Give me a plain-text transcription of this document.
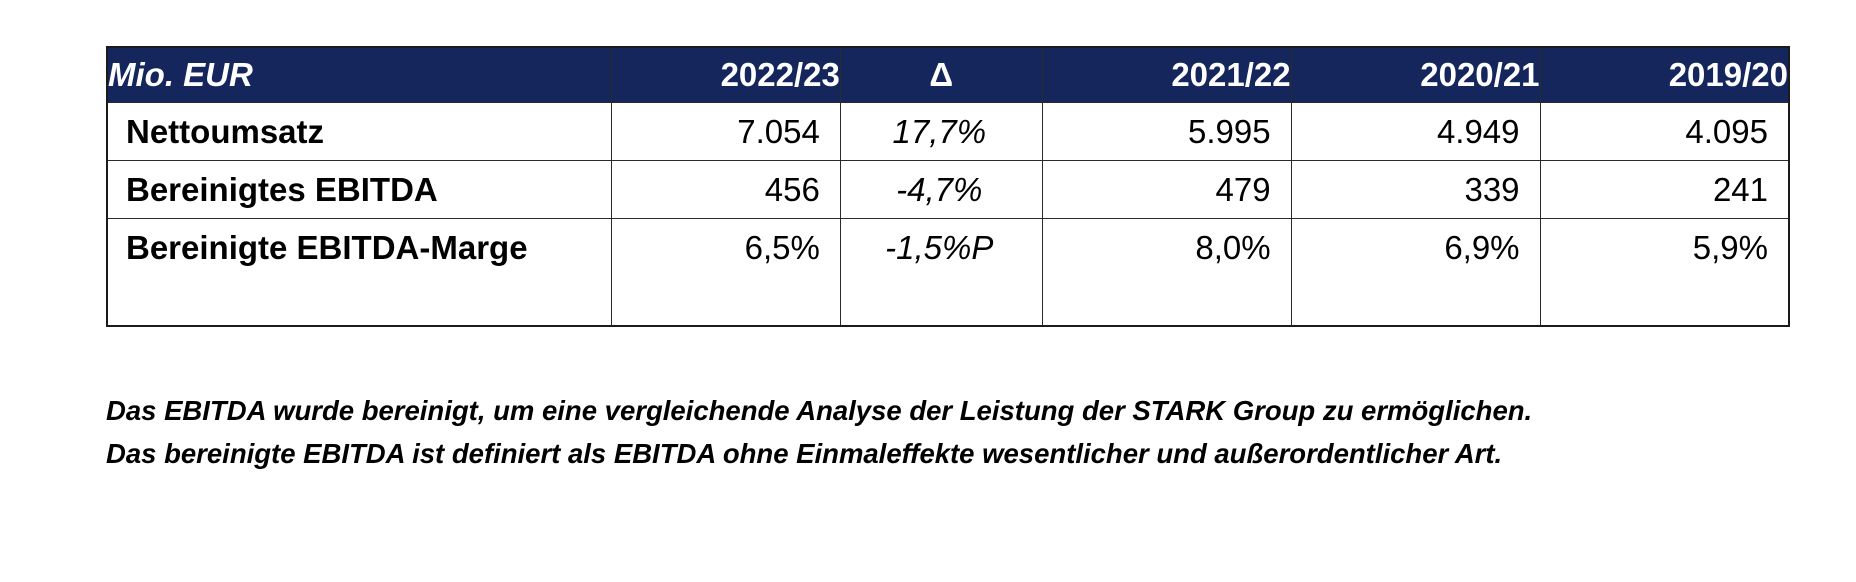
Mio. EUR	2022/23	Δ	2021/22	2020/21	2019/20
Nettoumsatz	7.054	17,7%	5.995	4.949	4.095
Bereinigtes EBITDA	456	-4,7%	479	339	241
Bereinigte EBITDA-Marge	6,5%	-1,5%P	8,0%	6,9%	5,9%

Das EBITDA wurde bereinigt, um eine vergleichende Analyse der Leistung der STARK Group zu ermöglichen.

Das bereinigte EBITDA ist definiert als EBITDA ohne Einmaleffekte wesentlicher und außerordentlicher Art.
